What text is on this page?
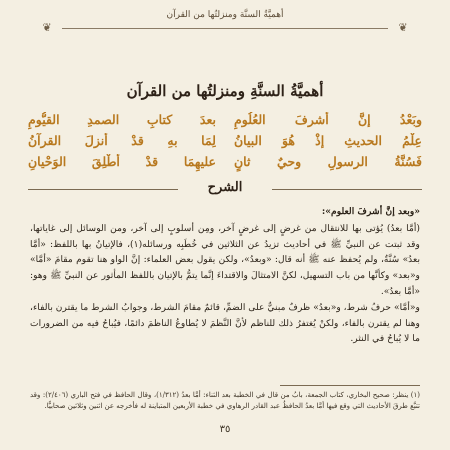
❦
أهميَّةُ السنَّة ومنزلتُها من القرآن
❦
أهميَّةُ السنَّةِ ومنزلتُها من القرآن
وبَعْدُ إنَّ أشرفَ العُلُومِ
بعدَ كتابِ الصمدِ القيُّومِ
عِلْمُ الحديثِ إذْ هُوَ البيانُ
لِمَا بهِ قدْ أنزلَ القرآنُ
فَسُنَّةُ الرسولِ وحيٌ ثانٍ
عليهِمَا قدْ أُطْلِقَ الوَحْيانِ
الشرح

«وبعد إنَّ أشرفَ العلوم»:

(أمَّا بعدُ) يُؤتى بها للانتقال من غرضٍ إلى غرضٍ آخر، ومِن أسلوبٍ إلى آخر، ومن الوسائل إلى غاياتها، وقد ثبتت عن النبيِّ ﷺ في أحاديث تزيدُ عن الثلاثين في خُطَبِه ورسائله(١)، فالإتيانُ بها باللفظ: «أمَّا بعدُ» سُنَّةٌ، ولم يُحفظ عنه ﷺ أنه قال: «وبعدُ»، ولكن يقول بعض العلماء: إنَّ الواو هنا تقوم مقامَ «أمَّا» و«بعد» وكأنَّها من باب التسهيل، لكنَّ الامتثالَ والاقتداءَ إنَّما يتمُّ بالإتيان باللفظ المأثور عن النبيِّ ﷺ وهو: «أمَّا بعدُ».

و«أمَّا» حرفُ شرط، و«بعدُ» ظرفٌ مبنيٌّ على الضمِّ، قائمٌ مقامَ الشرط، وجوابُ الشرط ما يقترن بالفاء، وهنا لم يقترن بالفاء، ولكنْ يُغتفرُ ذلك للناظم لأنَّ النَّظمَ لا يُطاوعُ الناظمَ دائمًا، فيُباحُ فيه من الضرورات ما لا يُباحُ في النثر.

(١) ينظر: صحيح البخاري، كتاب الجمعة، بابُ من قال في الخطبة بعد الثناء: أمَّا بعدُ (١/٣١٢)، وقال الحافظ في فتح الباري (٢/٤٠٦): وقد تتبَّع طرقَ الأحاديث التي وقع فيها أمَّا بعدُ الحافظُ عبد القادر الرهاوي في خطبة الأربعين المتباينة له فأخرجه عن اثنين وثلاثين صحابيًّا.
٣٥
